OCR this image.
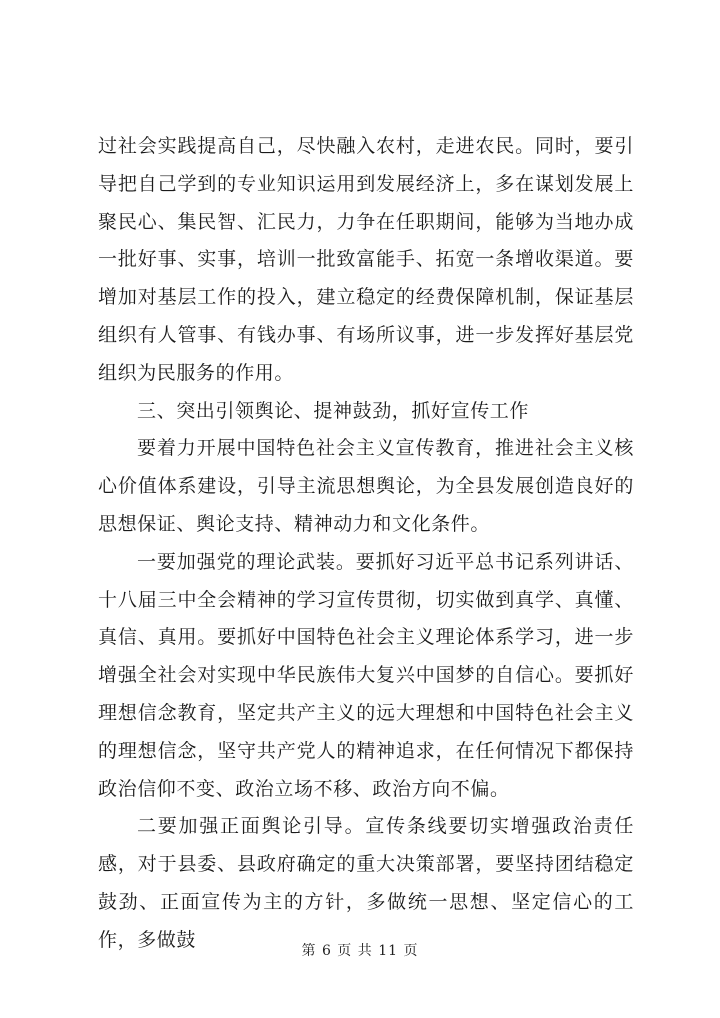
过社会实践提高自己，尽快融入农村，走进农民。同时，要引导把自己学到的专业知识运用到发展经济上，多在谋划发展上聚民心、集民智、汇民力，力争在任职期间，能够为当地办成一批好事、实事，培训一批致富能手、拓宽一条增收渠道。要增加对基层工作的投入，建立稳定的经费保障机制，保证基层组织有人管事、有钱办事、有场所议事，进一步发挥好基层党组织为民服务的作用。

三、突出引领舆论、提神鼓劲，抓好宣传工作

要着力开展中国特色社会主义宣传教育，推进社会主义核心价值体系建设，引导主流思想舆论，为全县发展创造良好的思想保证、舆论支持、精神动力和文化条件。

一要加强党的理论武装。要抓好习近平总书记系列讲话、十八届三中全会精神的学习宣传贯彻，切实做到真学、真懂、真信、真用。要抓好中国特色社会主义理论体系学习，进一步增强全社会对实现中华民族伟大复兴中国梦的自信心。要抓好理想信念教育，坚定共产主义的远大理想和中国特色社会主义的理想信念，坚守共产党人的精神追求，在任何情况下都保持政治信仰不变、政治立场不移、政治方向不偏。

二要加强正面舆论引导。宣传条线要切实增强政治责任感，对于县委、县政府确定的重大决策部署，要坚持团结稳定鼓劲、正面宣传为主的方针，多做统一思想、坚定信心的工作，多做鼓

第 6 页 共 11 页
